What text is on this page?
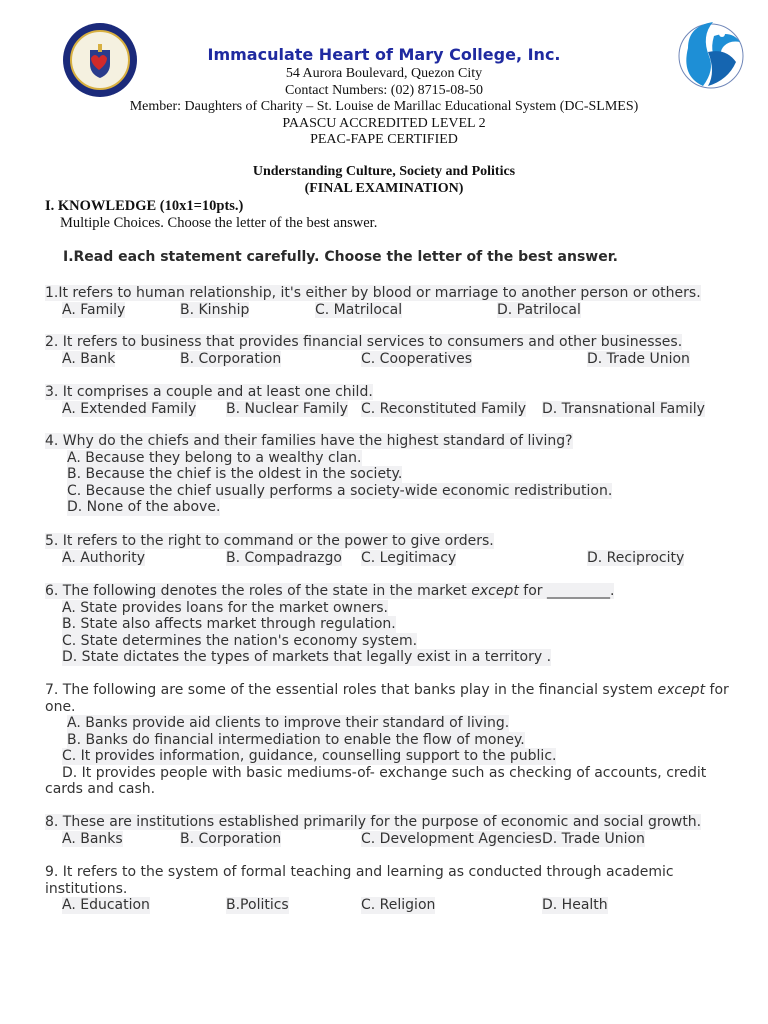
Immaculate Heart of Mary College, Inc.

54 Aurora Boulevard, Quezon City

Contact Numbers: (02) 8715-08-50

Member: Daughters of Charity – St. Louise de Marillac Educational System (DC-SLMES)

PAASCU ACCREDITED LEVEL 2

PEAC-FAPE CERTIFIED

Understanding Culture, Society and Politics
(FINAL EXAMINATION)
I. KNOWLEDGE (10x1=10pts.)
Multiple Choices. Choose the letter of the best answer.
I.Read each statement carefully. Choose the letter of the best answer.
1.It refers to human relationship, it's either by blood or marriage to another person or others.
A. Family	B. Kinship	C. Matrilocal	D. Patrilocal
2. It refers to business that provides financial services to consumers and other businesses.
A. Bank	B. Corporation	C. Cooperatives	D. Trade Union
3. It comprises a couple and at least one child.
A. Extended Family B. Nuclear Family C. Reconstituted Family D. Transnational Family
4. Why do the chiefs and their families have the highest standard of living?
A. Because they belong to a wealthy clan.
B. Because the chief is the oldest in the society.
C. Because the chief usually performs a society-wide economic redistribution.
D. None of the above.
5. It refers to the right to command or the power to give orders.
A. Authority	B. Compadrazgo C. Legitimacy	D. Reciprocity
6. The following denotes the roles of the state in the market except for _________.
A. State provides loans for the market owners.
B. State also affects market through regulation.
C. State determines the nation's economy system.
D. State dictates the types of markets that legally exist in a territory .
7. The following are some of the essential roles that banks play in the financial system except for one.
A. Banks provide aid clients to improve their standard of living.
B. Banks do financial intermediation to enable the flow of money.
C. It provides information, guidance, counselling support to the public.
D. It provides people with basic mediums-of- exchange such as checking of accounts, credit cards and cash.
8. These are institutions established primarily for the purpose of economic and social growth.
A. Banks	B. Corporation	C. Development Agencies D. Trade Union
9. It refers to the system of formal teaching and learning as conducted through academic institutions.
A. Education	B.Politics	C. Religion	D. Health
